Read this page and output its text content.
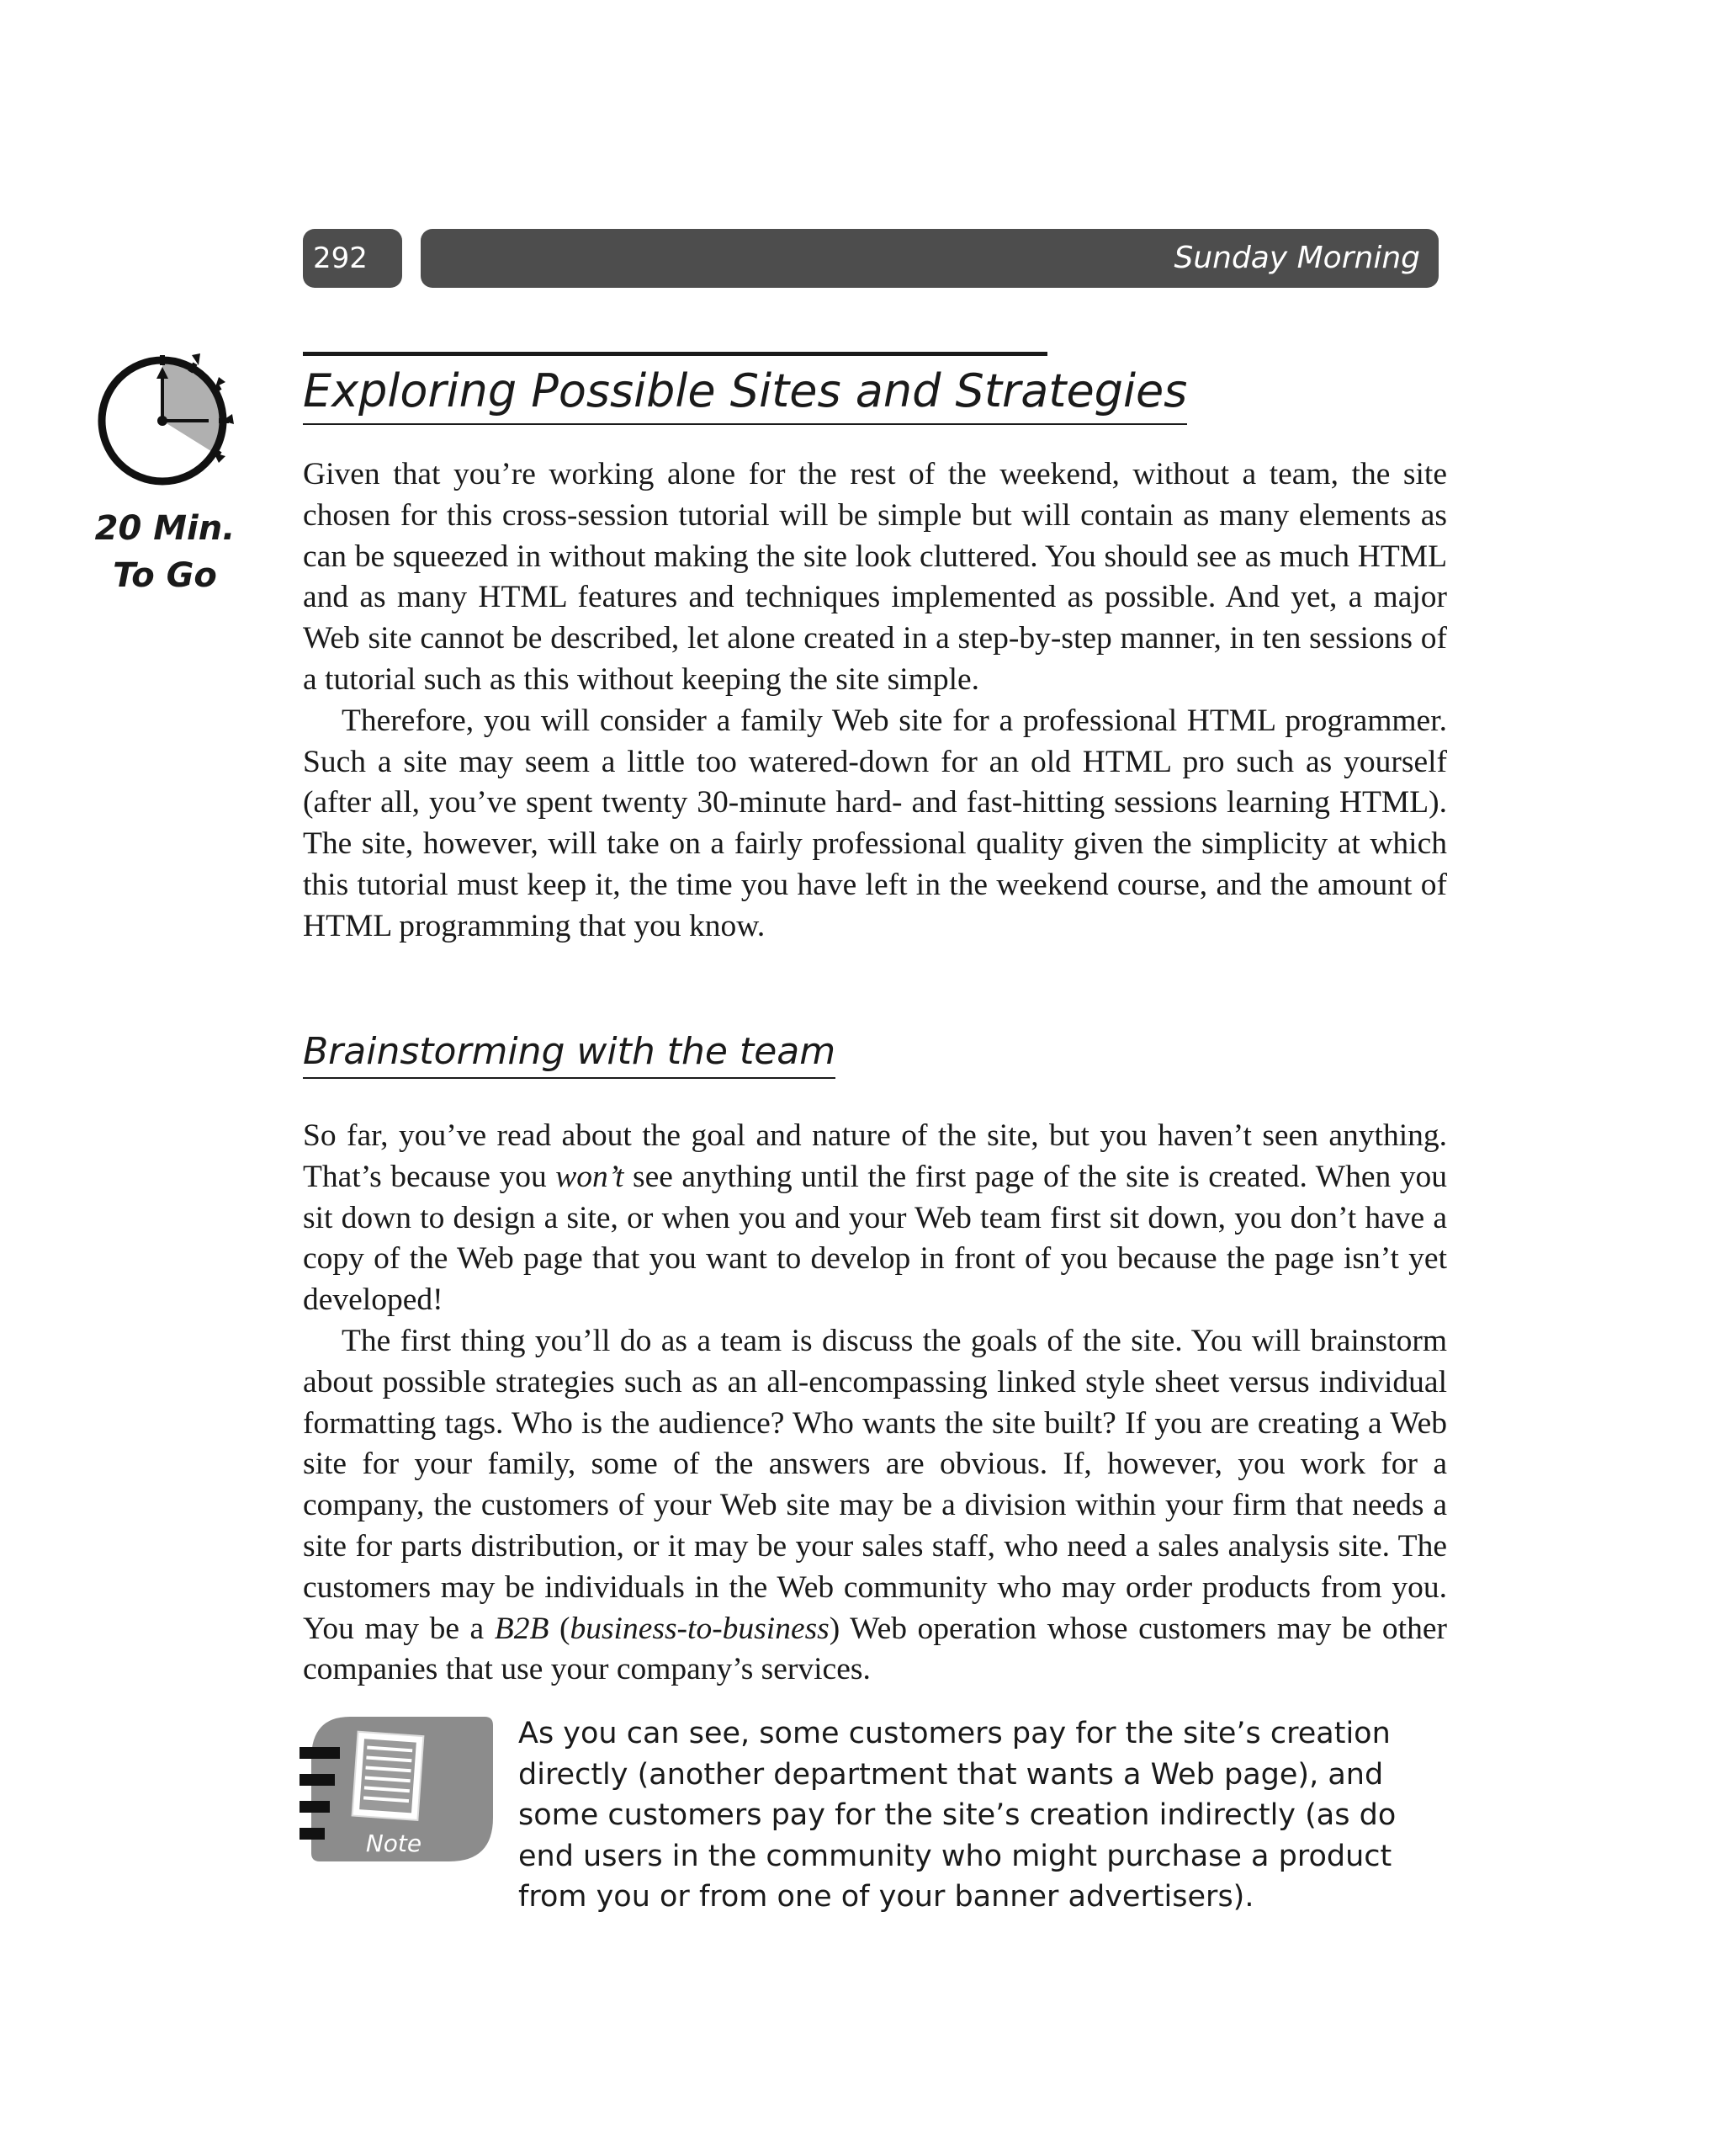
292	Sunday Morning
20 Min.
To Go
Exploring Possible Sites and Strategies

Given that you’re working alone for the rest of the weekend, without a team, the site chosen for this cross-session tutorial will be simple but will contain as many elements as can be squeezed in without making the site look cluttered. You should see as much HTML and as many HTML features and techniques implemented as possible. And yet, a major Web site cannot be described, let alone created in a step-by-step manner, in ten sessions of a tutorial such as this without keeping the site simple.

Therefore, you will consider a family Web site for a professional HTML programmer. Such a site may seem a little too watered-down for an old HTML pro such as yourself (after all, you’ve spent twenty 30-minute hard- and fast-hitting sessions learning HTML). The site, however, will take on a fairly professional quality given the simplicity at which this tutorial must keep it, the time you have left in the weekend course, and the amount of HTML programming that you know.

Brainstorming with the team

So far, you’ve read about the goal and nature of the site, but you haven’t seen anything. That’s because you won’t see anything until the first page of the site is created. When you sit down to design a site, or when you and your Web team first sit down, you don’t have a copy of the Web page that you want to develop in front of you because the page isn’t yet developed!

The first thing you’ll do as a team is discuss the goals of the site. You will brainstorm about possible strategies such as an all-encompassing linked style sheet versus individual formatting tags. Who is the audience? Who wants the site built? If you are creating a Web site for your family, some of the answers are obvious. If, however, you work for a company, the customers of your Web site may be a division within your firm that needs a site for parts distribution, or it may be your sales staff, who need a sales analysis site. The customers may be individuals in the Web community who may order products from you. You may be a B2B (business-to-business) Web operation whose customers may be other companies that use your company’s services.

Note

As you can see, some customers pay for the site’s creation directly (another department that wants a Web page), and some customers pay for the site’s creation indirectly (as do end users in the community who might purchase a product from you or from one of your banner advertisers).
